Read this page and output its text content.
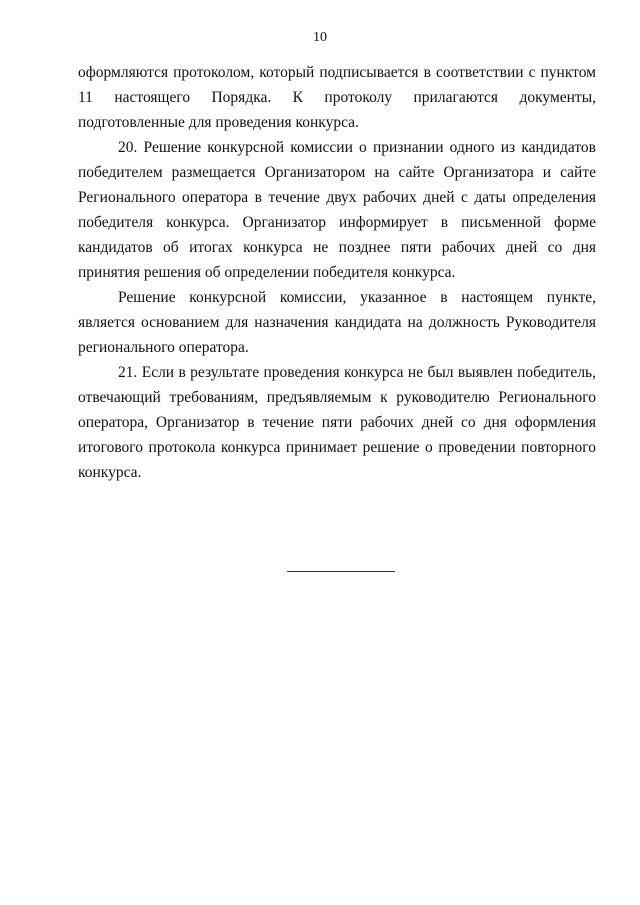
10

оформляются протоколом, который подписывается в соответствии с пунктом 11 настоящего Порядка. К протоколу прилагаются документы, подготовленные для проведения конкурса.

20. Решение конкурсной комиссии о признании одного из кандидатов победителем размещается Организатором на сайте Организатора и сайте Регионального оператора в течение двух рабочих дней с даты определения победителя конкурса. Организатор информирует в письменной форме кандидатов об итогах конкурса не позднее пяти рабочих дней со дня принятия решения об определении победителя конкурса.

Решение конкурсной комиссии, указанное в настоящем пункте, является основанием для назначения кандидата на должность Руководителя регионального оператора.

21. Если в результате проведения конкурса не был выявлен победитель, отвечающий требованиям, предъявляемым к руководителю Регионального оператора, Организатор в течение пяти рабочих дней со дня оформления итогового протокола конкурса принимает решение о проведении повторного конкурса.
